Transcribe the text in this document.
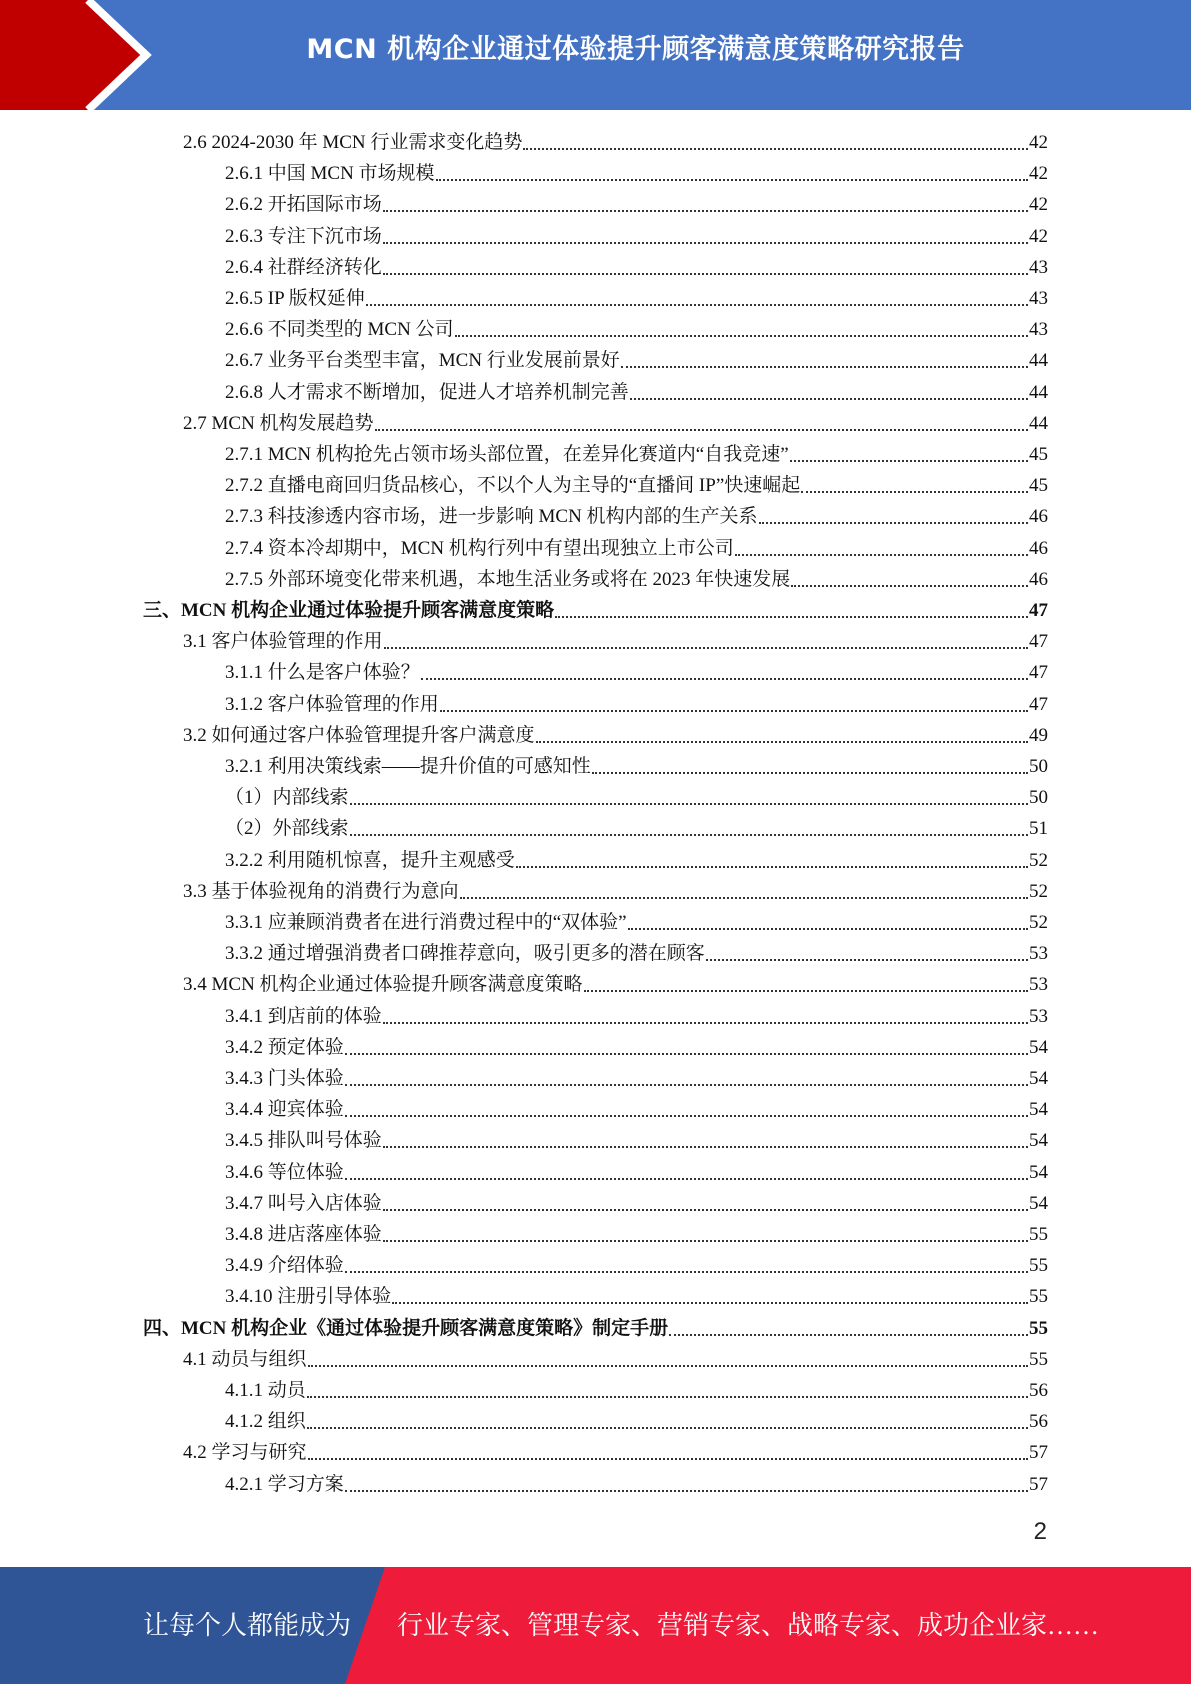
MCN 机构企业通过体验提升顾客满意度策略研究报告
2.6 2024-2030 年 MCN 行业需求变化趋势	42
2.6.1 中国 MCN 市场规模	42
2.6.2 开拓国际市场	42
2.6.3 专注下沉市场	42
2.6.4 社群经济转化	43
2.6.5 IP 版权延伸	43
2.6.6 不同类型的 MCN 公司	43
2.6.7 业务平台类型丰富，MCN 行业发展前景好	44
2.6.8 人才需求不断增加，促进人才培养机制完善	44
2.7 MCN 机构发展趋势	44
2.7.1 MCN 机构抢先占领市场头部位置，在差异化赛道内“自我竞速”	45
2.7.2 直播电商回归货品核心，不以个人为主导的“直播间 IP”快速崛起	45
2.7.3 科技渗透内容市场，进一步影响 MCN 机构内部的生产关系	46
2.7.4 资本冷却期中，MCN 机构行列中有望出现独立上市公司	46
2.7.5 外部环境变化带来机遇，本地生活业务或将在 2023 年快速发展	46
三、MCN 机构企业通过体验提升顾客满意度策略	47
3.1 客户体验管理的作用	47
3.1.1 什么是客户体验？	47
3.1.2 客户体验管理的作用	47
3.2 如何通过客户体验管理提升客户满意度	49
3.2.1 利用决策线索——提升价值的可感知性	50
（1）内部线索	50
（2）外部线索	51
3.2.2 利用随机惊喜，提升主观感受	52
3.3 基于体验视角的消费行为意向	52
3.3.1 应兼顾消费者在进行消费过程中的“双体验”	52
3.3.2 通过增强消费者口碑推荐意向，吸引更多的潜在顾客	53
3.4 MCN 机构企业通过体验提升顾客满意度策略	53
3.4.1 到店前的体验	53
3.4.2 预定体验	54
3.4.3 门头体验	54
3.4.4 迎宾体验	54
3.4.5 排队叫号体验	54
3.4.6 等位体验	54
3.4.7 叫号入店体验	54
3.4.8 进店落座体验	55
3.4.9 介绍体验	55
3.4.10 注册引导体验	55
四、MCN 机构企业《通过体验提升顾客满意度策略》制定手册	55
4.1 动员与组织	55
4.1.1 动员	56
4.1.2 组织	56
4.2 学习与研究	57
4.2.1 学习方案	57
2
让每个人都能成为 行业专家、管理专家、营销专家、战略专家、成功企业家……
